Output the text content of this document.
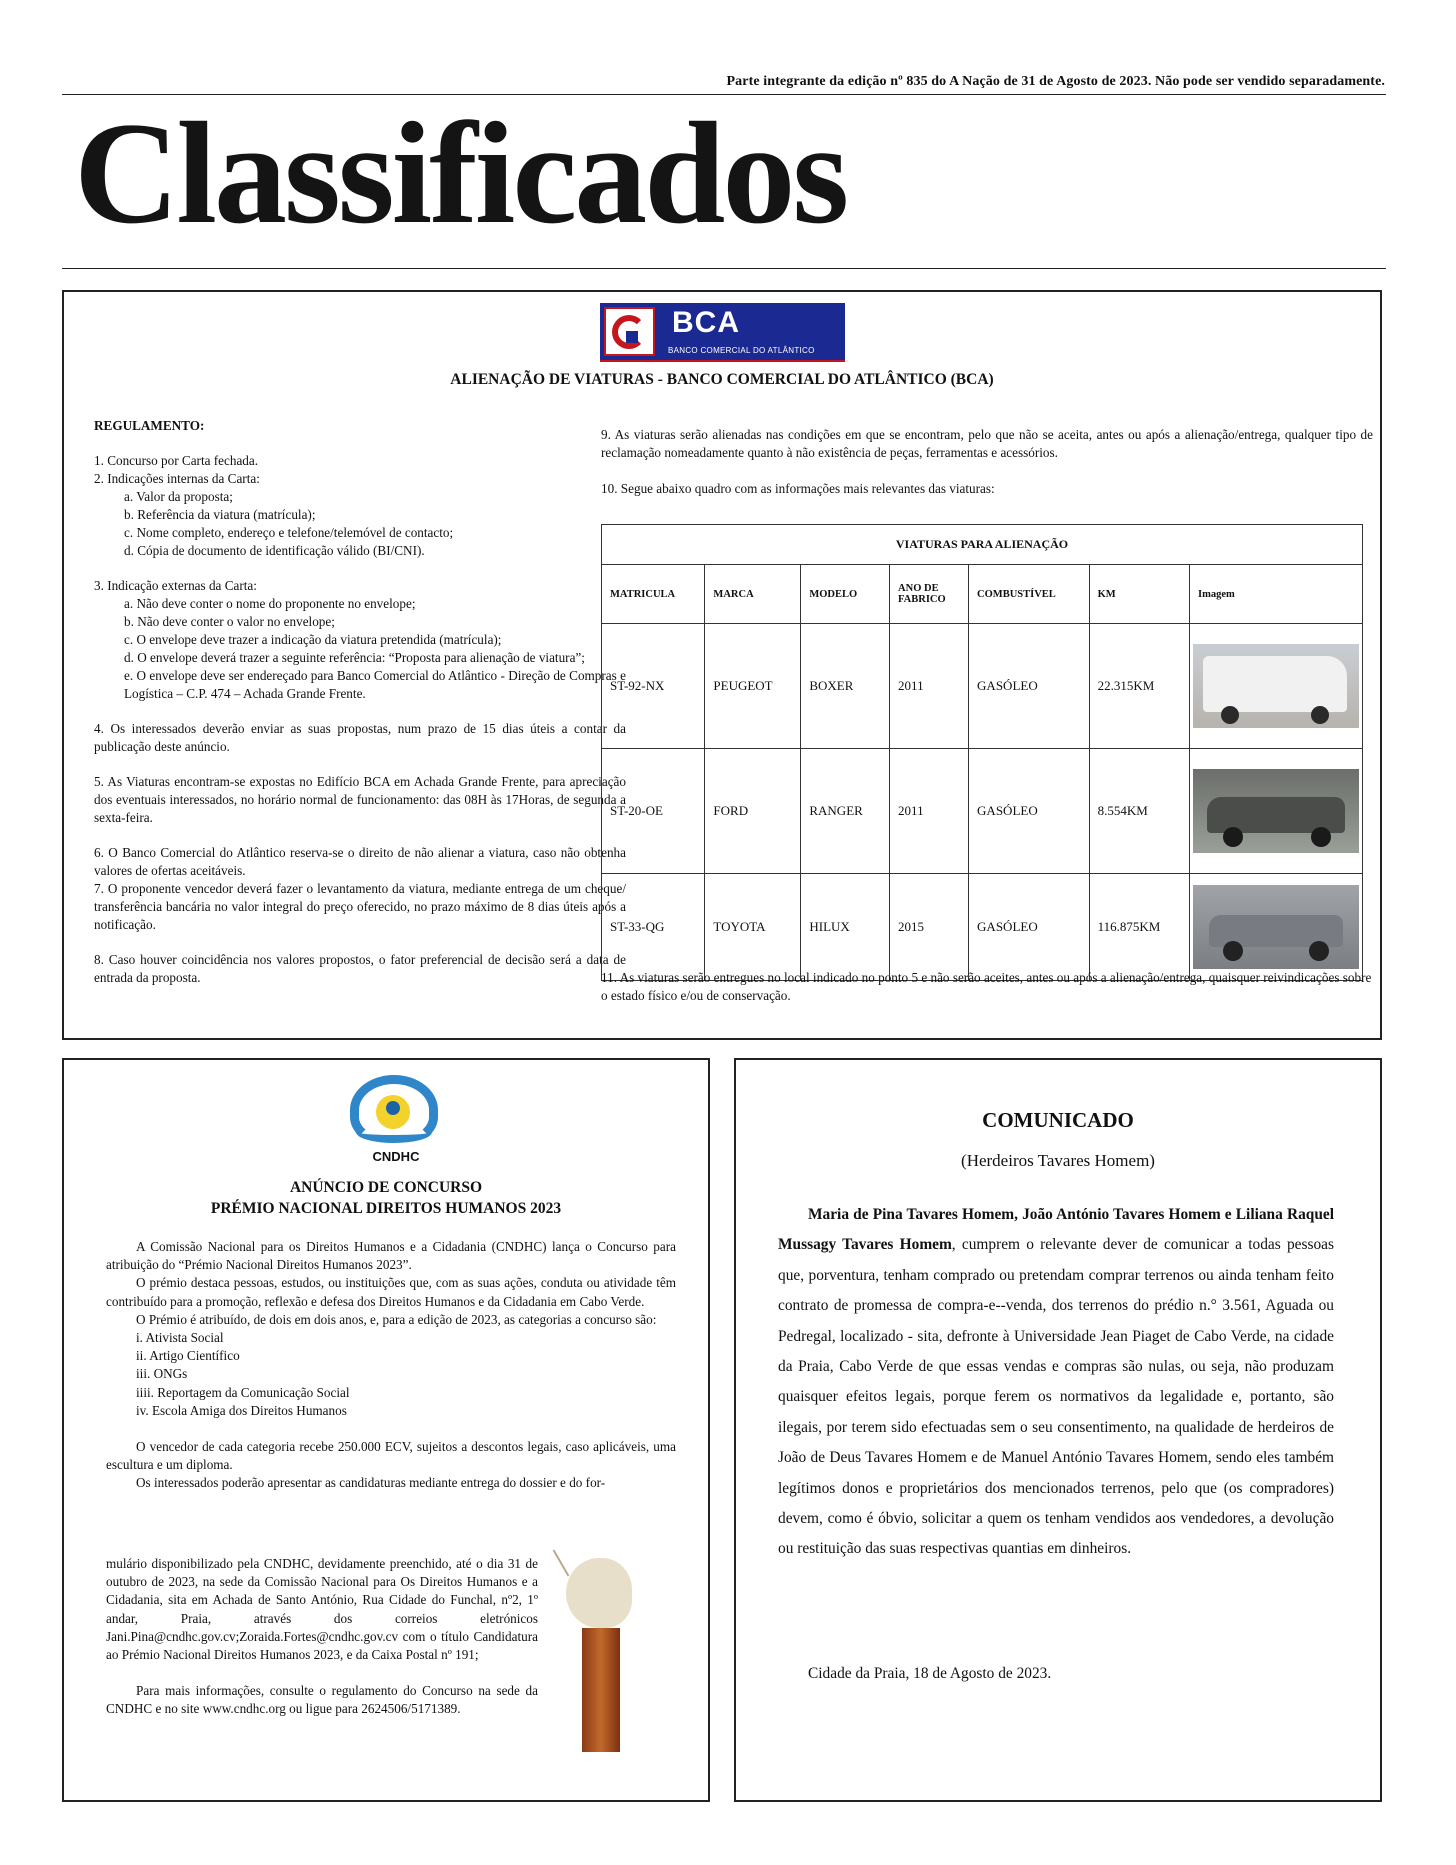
Parte integrante da edição nº 835 do A Nação de 31 de Agosto de 2023. Não pode ser vendido separadamente.
Classificados
BCA
BANCO COMERCIAL DO ATLÂNTICO
ALIENAÇÃO DE VIATURAS - BANCO COMERCIAL DO ATLÂNTICO (BCA)

REGULAMENTO:

1. Concurso por Carta fechada.

2. Indicações internas da Carta:

a. Valor da proposta;

b. Referência da viatura (matrícula);

c. Nome completo, endereço e telefone/telemóvel de contacto;

d. Cópia de documento de identificação válido (BI/CNI).

3. Indicação externas da Carta:

a. Não deve conter o nome do proponente no envelope;

b. Não deve conter o valor no envelope;

c. O envelope deve trazer a indicação da viatura pretendida (matrícula);

d. O envelope deverá trazer a seguinte referência: “Proposta para alienação de viatura”;

e. O envelope deve ser endereçado para Banco Comercial do Atlântico - Direção de Compras e Logística – C.P. 474 – Achada Grande Frente.

4. Os interessados deverão enviar as suas propostas, num prazo de 15 dias úteis a contar da publicação deste anúncio.

5. As Viaturas encontram-se expostas no Edifício BCA em Achada Grande Frente, para apreciação dos eventuais interessados, no horário normal de funcionamento: das 08H às 17Horas, de segunda a sexta-feira.

6. O Banco Comercial do Atlântico reserva-se o direito de não alienar a viatura, caso não obtenha valores de ofertas aceitáveis.

7. O proponente vencedor deverá fazer o levantamento da viatura, mediante entrega de um cheque/ transferência bancária no valor integral do preço oferecido, no prazo máximo de 8 dias úteis após a notificação.

8. Caso houver coincidência nos valores propostos, o fator preferencial de decisão será a data de entrada da proposta.

9. As viaturas serão alienadas nas condições em que se encontram, pelo que não se aceita, antes ou após a alienação/entrega, qualquer tipo de reclamação nomeadamente quanto à não existência de peças, ferramentas e acessórios.

10. Segue abaixo quadro com as informações mais relevantes das viaturas:

VIATURAS PARA ALIENAÇÃO						
MATRICULA	MARCA	MODELO	ANO DE FABRICO	COMBUSTÍVEL	KM	Imagem
ST-92-NX	PEUGEOT	BOXER	2011	GASÓLEO	22.315KM	

ST-20-OE	FORD	RANGER	2011	GASÓLEO	8.554KM	

ST-33-QG	TOYOTA	HILUX	2015	GASÓLEO	116.875KM	
11. As viaturas serão entregues no local indicado no ponto 5 e não serão aceites, antes ou após a alienação/entrega, quaisquer reivindicações sobre o estado físico e/ou de conservação.
CNDHC
ANÚNCIO DE CONCURSO
PRÉMIO NACIONAL DIREITOS HUMANOS 2023

A Comissão Nacional para os Direitos Humanos e a Cidadania (CNDHC) lança o Concurso para atribuição do “Prémio Nacional Direitos Humanos 2023”.

O prémio destaca pessoas, estudos, ou instituições que, com as suas ações, conduta ou atividade têm contribuído para a promoção, reflexão e defesa dos Direitos Humanos e da Cidadania em Cabo Verde.

O Prémio é atribuído, de dois em dois anos, e, para a edição de 2023, as categorias a concurso são:

i. Ativista Social

ii. Artigo Científico

iii. ONGs

iiii. Reportagem da Comunicação Social

iv. Escola Amiga dos Direitos Humanos

O vencedor de cada categoria recebe 250.000 ECV, sujeitos a descontos legais, caso aplicáveis, uma escultura e um diploma.

Os interessados poderão apresentar as candidaturas mediante entrega do dossier e do for-

mulário disponibilizado pela CNDHC, devidamente preenchido, até o dia 31 de outubro de 2023, na sede da Comissão Nacional para Os Direitos Humanos e a Cidadania, sita em Achada de Santo António, Rua Cidade do Funchal, nº2, 1º andar, Praia, através dos correios eletrónicos Jani.Pina@cndhc.gov.cv;Zoraida.Fortes@cndhc.gov.cv com o título Candidatura ao Prémio Nacional Direitos Humanos 2023, e da Caixa Postal nº 191;

Para mais informações, consulte o regulamento do Concurso na sede da CNDHC e no site www.cndhc.org ou ligue para 2624506/5171389.

COMUNICADO
(Herdeiros Tavares Homem)

Maria de Pina Tavares Homem, João António Tavares Homem e Liliana Raquel Mussagy Tavares Homem, cumprem o relevante dever de comunicar a todas pessoas que, porventura, tenham comprado ou pretendam comprar terrenos ou ainda tenham feito contrato de promessa de compra-e--venda, dos terrenos do prédio n.° 3.561, Aguada ou Pedregal, localizado - sita, defronte à Universidade Jean Piaget de Cabo Verde, na cidade da Praia, Cabo Verde de que essas vendas e compras são nulas, ou seja, não produzam quaisquer efeitos legais, porque ferem os normativos da legalidade e, portanto, são ilegais, por terem sido efectuadas sem o seu consentimento, na qualidade de herdeiros de João de Deus Tavares Homem e de Manuel António Tavares Homem, sendo eles também legítimos donos e proprietários dos mencionados terrenos, pelo que (os compradores) devem, como é óbvio, solicitar a quem os tenham vendidos aos vendedores, a devolução ou restituição das suas respectivas quantias em dinheiros.

Cidade da Praia, 18 de Agosto de 2023.
